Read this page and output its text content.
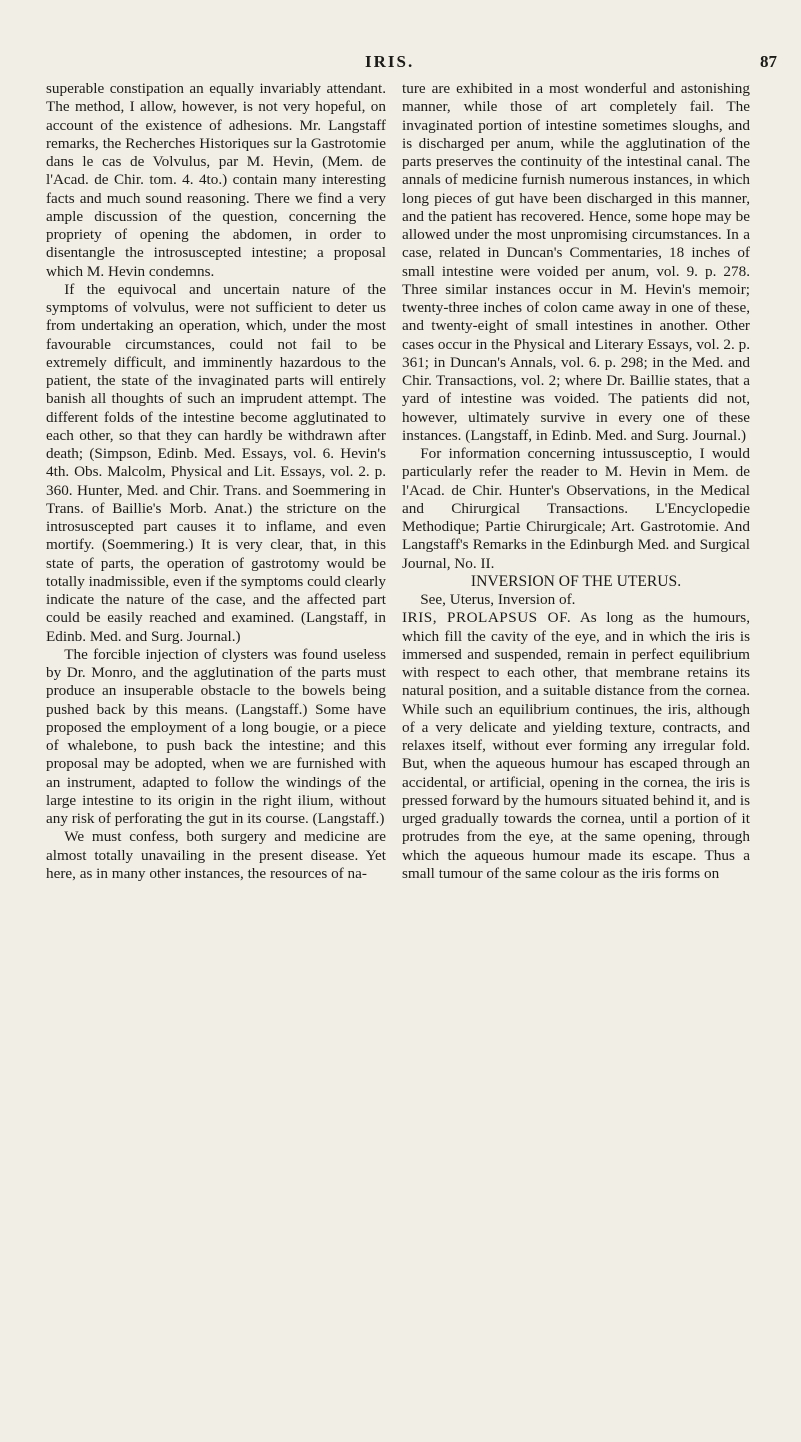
IRIS.	87

superable constipation an equally invariably attendant. The method, I allow, however, is not very hopeful, on account of the existence of adhesions. Mr. Langstaff remarks, the Recherches Historiques sur la Gastrotomie dans le cas de Volvulus, par M. Hevin, (Mem. de l'Acad. de Chir. tom. 4. 4to.) contain many interesting facts and much sound reasoning. There we find a very ample discussion of the question, concerning the propriety of opening the abdomen, in order to disentangle the introsuscepted intestine; a proposal which M. Hevin condemns.

If the equivocal and uncertain nature of the symptoms of volvulus, were not sufficient to deter us from undertaking an operation, which, under the most favourable circumstances, could not fail to be extremely difficult, and imminently hazardous to the patient, the state of the invaginated parts will entirely banish all thoughts of such an imprudent attempt. The different folds of the intestine become agglutinated to each other, so that they can hardly be withdrawn after death; (Simpson, Edinb. Med. Essays, vol. 6. Hevin's 4th. Obs. Malcolm, Physical and Lit. Essays, vol. 2. p. 360. Hunter, Med. and Chir. Trans. and Soemmering in Trans. of Baillie's Morb. Anat.) the stricture on the introsuscepted part causes it to inflame, and even mortify. (Soemmering.) It is very clear, that, in this state of parts, the operation of gastrotomy would be totally inadmissible, even if the symptoms could clearly indicate the nature of the case, and the affected part could be easily reached and examined. (Langstaff, in Edinb. Med. and Surg. Journal.)

The forcible injection of clysters was found useless by Dr. Monro, and the agglutination of the parts must produce an insuperable obstacle to the bowels being pushed back by this means. (Langstaff.) Some have proposed the employment of a long bougie, or a piece of whalebone, to push back the intestine; and this proposal may be adopted, when we are furnished with an instrument, adapted to follow the windings of the large intestine to its origin in the right ilium, without any risk of perforating the gut in its course. (Langstaff.)

We must confess, both surgery and medicine are almost totally unavailing in the present disease. Yet here, as in many other instances, the resources of na-

ture are exhibited in a most wonderful and astonishing manner, while those of art completely fail. The invaginated portion of intestine sometimes sloughs, and is discharged per anum, while the agglutination of the parts preserves the continuity of the intestinal canal. The annals of medicine furnish numerous instances, in which long pieces of gut have been discharged in this manner, and the patient has recovered. Hence, some hope may be allowed under the most unpromising circumstances. In a case, related in Duncan's Commentaries, 18 inches of small intestine were voided per anum, vol. 9. p. 278. Three similar instances occur in M. Hevin's memoir; twenty-three inches of colon came away in one of these, and twenty-eight of small intestines in another. Other cases occur in the Physical and Literary Essays, vol. 2. p. 361; in Duncan's Annals, vol. 6. p. 298; in the Med. and Chir. Transactions, vol. 2; where Dr. Baillie states, that a yard of intestine was voided. The patients did not, however, ultimately survive in every one of these instances. (Langstaff, in Edinb. Med. and Surg. Journal.)

For information concerning intussusceptio, I would particularly refer the reader to M. Hevin in Mem. de l'Acad. de Chir. Hunter's Observations, in the Medical and Chirurgical Transactions. L'Encyclopedie Methodique; Partie Chirurgicale; Art. Gastrotomie. And Langstaff's Remarks in the Edinburgh Med. and Surgical Journal, No. II.

INVERSION OF THE UTERUS.

See, Uterus, Inversion of.

IRIS, PROLAPSUS OF. As long as the humours, which fill the cavity of the eye, and in which the iris is immersed and suspended, remain in perfect equilibrium with respect to each other, that membrane retains its natural position, and a suitable distance from the cornea. While such an equilibrium continues, the iris, although of a very delicate and yielding texture, contracts, and relaxes itself, without ever forming any irregular fold. But, when the aqueous humour has escaped through an accidental, or artificial, opening in the cornea, the iris is pressed forward by the humours situated behind it, and is urged gradually towards the cornea, until a portion of it protrudes from the eye, at the same opening, through which the aqueous humour made its escape. Thus a small tumour of the same colour as the iris forms on
